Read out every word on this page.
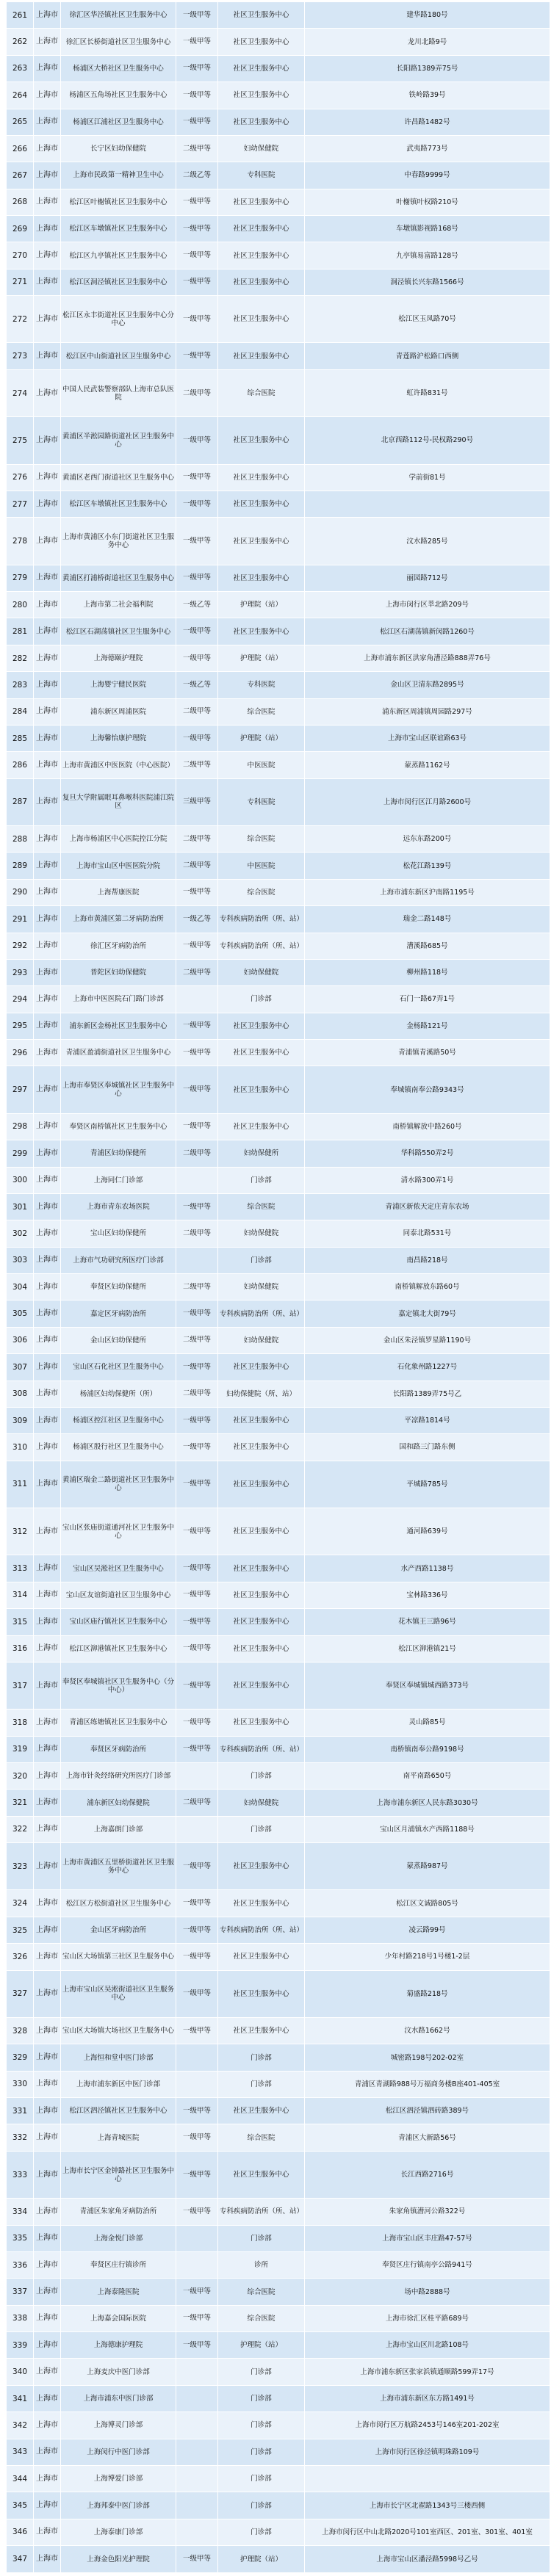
261	上海市	徐汇区华泾镇社区卫生服务中心	一级甲等	社区卫生服务中心	建华路180号
262	上海市	徐汇区长桥街道社区卫生服务中心	一级甲等	社区卫生服务中心	龙川北路9号
263	上海市	杨浦区大桥社区卫生服务中心	一级甲等	社区卫生服务中心	长阳路1389弄75号
264	上海市	杨浦区五角场社区卫生服务中心	一级甲等	社区卫生服务中心	铁岭路39号
265	上海市	杨浦区江浦社区卫生服务中心	一级甲等	社区卫生服务中心	许昌路1482号
266	上海市	长宁区妇幼保健院	二级甲等	妇幼保健院	武夷路773号
267	上海市	上海市民政第一精神卫生中心	二级乙等	专科医院	中春路9999号
268	上海市	松江区叶榭镇社区卫生服务中心	一级甲等	社区卫生服务中心	叶榭镇叶权路210号
269	上海市	松江区车墩镇社区卫生服务中心	一级甲等	社区卫生服务中心	车墩镇影视路168号
270	上海市	松江区九亭镇社区卫生服务中心	一级甲等	社区卫生服务中心	九亭镇易富路128号
271	上海市	松江区洞泾镇社区卫生服务中心	一级甲等	社区卫生服务中心	洞泾镇长兴东路1566号
272	上海市	松江区永丰街道社区卫生服务中心分中心	一级甲等	社区卫生服务中心	松江区玉凤路70号
273	上海市	松江区中山街道社区卫生服务中心	一级甲等	社区卫生服务中心	青莲路沪松路口西侧
274	上海市	中国人民武装警察部队上海市总队医院	二级甲等	综合医院	虹许路831号
275	上海市	黄浦区半淞园路街道社区卫生服务中心	一级甲等	社区卫生服务中心	北京西路112号-民权路290号
276	上海市	黄浦区老西门街道社区卫生服务中心	一级甲等	社区卫生服务中心	学前街81号
277	上海市	松江区车墩镇社区卫生服务中心	一级甲等	社区卫生服务中心	
278	上海市	上海市黄浦区小东门街道社区卫生服务中心	一级甲等	社区卫生服务中心	汶水路285号
279	上海市	黄浦区打浦桥街道社区卫生服务中心	一级甲等	社区卫生服务中心	丽园路712号
280	上海市	上海市第二社会福利院	一级乙等	护理院（站）	上海市闵行区莘北路209号
281	上海市	松江区石湖荡镇社区卫生服务中心	一级甲等	社区卫生服务中心	松江区石湖荡镇新闵路1260号
282	上海市	上海德颐护理院	一级甲等	护理院（站）	上海市浦东新区洪家角漕泾路888弄76号
283	上海市	上海婴宁健民医院	一级乙等	专科医院	金山区卫清东路2895号
284	上海市	浦东新区周浦医院	二级甲等	综合医院	浦东新区周浦镇周园路297号
285	上海市	上海馨怡康护理院	一级甲等	护理院（站）	上海市宝山区联谊路63号
286	上海市	上海市黄浦区中医医院（中心医院）	二级甲等	中医医院	蒙蒸路1162号
287	上海市	复旦大学附属眼耳鼻喉科医院浦江院区	三级甲等	专科医院	上海市闵行区江月路2600号
288	上海市	上海市杨浦区中心医院控江分院	二级甲等	综合医院	远东东路200号
289	上海市	上海市宝山区中医医院分院	二级甲等	中医医院	松花江路139号
290	上海市	上海帮康医院	一级甲等	综合医院	上海市浦东新区沪南路1195号
291	上海市	上海市黄浦区第二牙病防治所	一级乙等	专科疾病防治所（所、站）	瑞金二路148号
292	上海市	徐汇区牙病防治所	一级甲等	专科疾病防治所（所、站）	漕溪路685号
293	上海市	普陀区妇幼保健院	二级甲等	妇幼保健院	柳州路118号
294	上海市	上海市中医医院石门路门诊部		门诊部	石门一路67弄1号
295	上海市	浦东新区金杨社区卫生服务中心	一级甲等	社区卫生服务中心	金杨路121号
296	上海市	青浦区盈浦街道社区卫生服务中心	一级甲等	社区卫生服务中心	青浦镇青溪路50号
297	上海市	上海市奉贤区奉城镇社区卫生服务中心	一级甲等	社区卫生服务中心	奉城镇南奉公路9343号
298	上海市	奉贤区南桥镇社区卫生服务中心	一级甲等	社区卫生服务中心	南桥镇解放中路260号
299	上海市	青浦区妇幼保健所	二级甲等	妇幼保健所	华科路550弄2号
300	上海市	上海同仁门诊部		门诊部	清水路300弄1号
301	上海市	上海市青东农场医院	一级甲等	综合医院	青浦区新侬天定庄青东农场
302	上海市	宝山区妇幼保健所	二级甲等	妇幼保健院	同泰北路531号
303	上海市	上海市气功研究所医疗门诊部		门诊部	南昌路218号
304	上海市	奉贤区妇幼保健所	二级甲等	妇幼保健院	南桥镇解放东路60号
305	上海市	嘉定区牙病防治所	一级甲等	专科疾病防治所（所、站）	嘉定镇北大街79号
306	上海市	金山区妇幼保健所	二级甲等	妇幼保健院	金山区朱泾镇罗星路1190号
307	上海市	宝山区石化社区卫生服务中心	一级甲等	社区卫生服务中心	石化象州路1227号
308	上海市	杨浦区妇幼保健所（所）	二级甲等	妇幼保健院（所、站）	长阳路1389弄75号乙
309	上海市	杨浦区控江社区卫生服务中心	一级甲等	社区卫生服务中心	平凉路1814号
310	上海市	杨浦区殷行社区卫生服务中心	一级甲等	社区卫生服务中心	国和路三门路东侧
311	上海市	黄浦区瑞金二路街道社区卫生服务中心	一级甲等	社区卫生服务中心	平城路785号
312	上海市	宝山区张庙街道通河社区卫生服务中心	一级甲等	社区卫生服务中心	通河路639号
313	上海市	宝山区吴淞社区卫生服务中心	一级甲等	社区卫生服务中心	水产西路1138号
314	上海市	宝山区友谊街道社区卫生服务中心	一级甲等	社区卫生服务中心	宝林路336号
315	上海市	宝山区庙行镇社区卫生服务中心	一级甲等	社区卫生服务中心	花木镇王三路96号
316	上海市	松江区泖港镇社区卫生服务中心	一级甲等	社区卫生服务中心	松江区泖港镇21号
317	上海市	奉贤区奉城镇社区卫生服务中心（分中心）	一级甲等	社区卫生服务中心	奉贤区奉城镇城西路373号
318	上海市	青浦区练塘镇社区卫生服务中心	一级甲等	社区卫生服务中心	灵山路85号
319	上海市	奉贤区牙病防治所	一级甲等	专科疾病防治所（所、站）	南桥镇南奉公路9198号
320	上海市	上海市针灸经络研究所医疗门诊部		门诊部	南平南路650号
321	上海市	浦东新区妇幼保健院	二级甲等	妇幼保健院	上海市浦东新区人民东路3030号
322	上海市	上海嘉朗门诊部		门诊部	宝山区月浦镇水产西路1188号
323	上海市	上海市黄浦区五里桥街道社区卫生服务中心	一级甲等	社区卫生服务中心	蒙蒸路987号
324	上海市	松江区方松街道社区卫生服务中心	一级甲等	社区卫生服务中心	松江区文诚路805号
325	上海市	金山区牙病防治所	一级甲等	专科疾病防治所（所、站）	凌云路99号
326	上海市	宝山区大场镇第三社区卫生服务中心	一级甲等	社区卫生服务中心	少年村路218号1号楼1-2层
327	上海市	上海市宝山区吴淞街道社区卫生服务中心	一级甲等	社区卫生服务中心	菊盛路218号
328	上海市	宝山区大场镇大场社区卫生服务中心	一级甲等	社区卫生服务中心	汶水路1662号
329	上海市	上海恒和堂中医门诊部		门诊部	城密路198号202-02室
330	上海市	上海市浦东新区中医门诊部		门诊部	青浦区青湖路988号万福商务楼B座401-405室
331	上海市	松江区泗泾镇社区卫生服务中心	一级甲等	社区卫生服务中心	松江区泗泾镇泗砖路389号
332	上海市	上海青城医院	一级甲等	综合医院	青浦区大新路56号
333	上海市	上海市长宁区金钟路社区卫生服务中心	一级甲等	社区卫生服务中心	长江西路2716号
334	上海市	青浦区朱家角牙病防治所	一级甲等	专科疾病防治所（所、站）	朱家角镇漕河公路322号
335	上海市	上海金悦门诊部		门诊部	上海市宝山区丰庄路47-57号
336	上海市	奉贤区庄行镇诊所		诊所	奉贤区庄行镇南亭公路941号
337	上海市	上海泰隆医院	一级甲等	综合医院	场中路2888号
338	上海市	上海嘉会国际医院	一级甲等	综合医院	上海市徐汇区桂平路689号
339	上海市	上海德康护理院	一级甲等	护理院（站）	上海市宝山区川北路108号
340	上海市	上海麦庆中医门诊部		门诊部	上海市浦东新区张家浜镇通顺路599弄17号
341	上海市	上海市浦东中医门诊部		门诊部	上海市浦东新区东方路1491号
342	上海市	上海博灵门诊部		门诊部	上海市闵行区万航路2453号146室201-202室
343	上海市	上海闵行中医门诊部		门诊部	上海市闵行区徐泾镇明珠路109号
344	上海市	上海博爱门诊部		门诊部	
345	上海市	上海邦泰中医门诊部		门诊部	上海市长宁区北翟路1343号三楼西侧
346	上海市	上海泰康门诊部		门诊部	上海市闵行区中山北路2020号101室西区、201室、301室、401室
347	上海市	上海金色阳光护理院	一级甲等	护理院（站）	上海市宝山区潘泾路5998号乙号
